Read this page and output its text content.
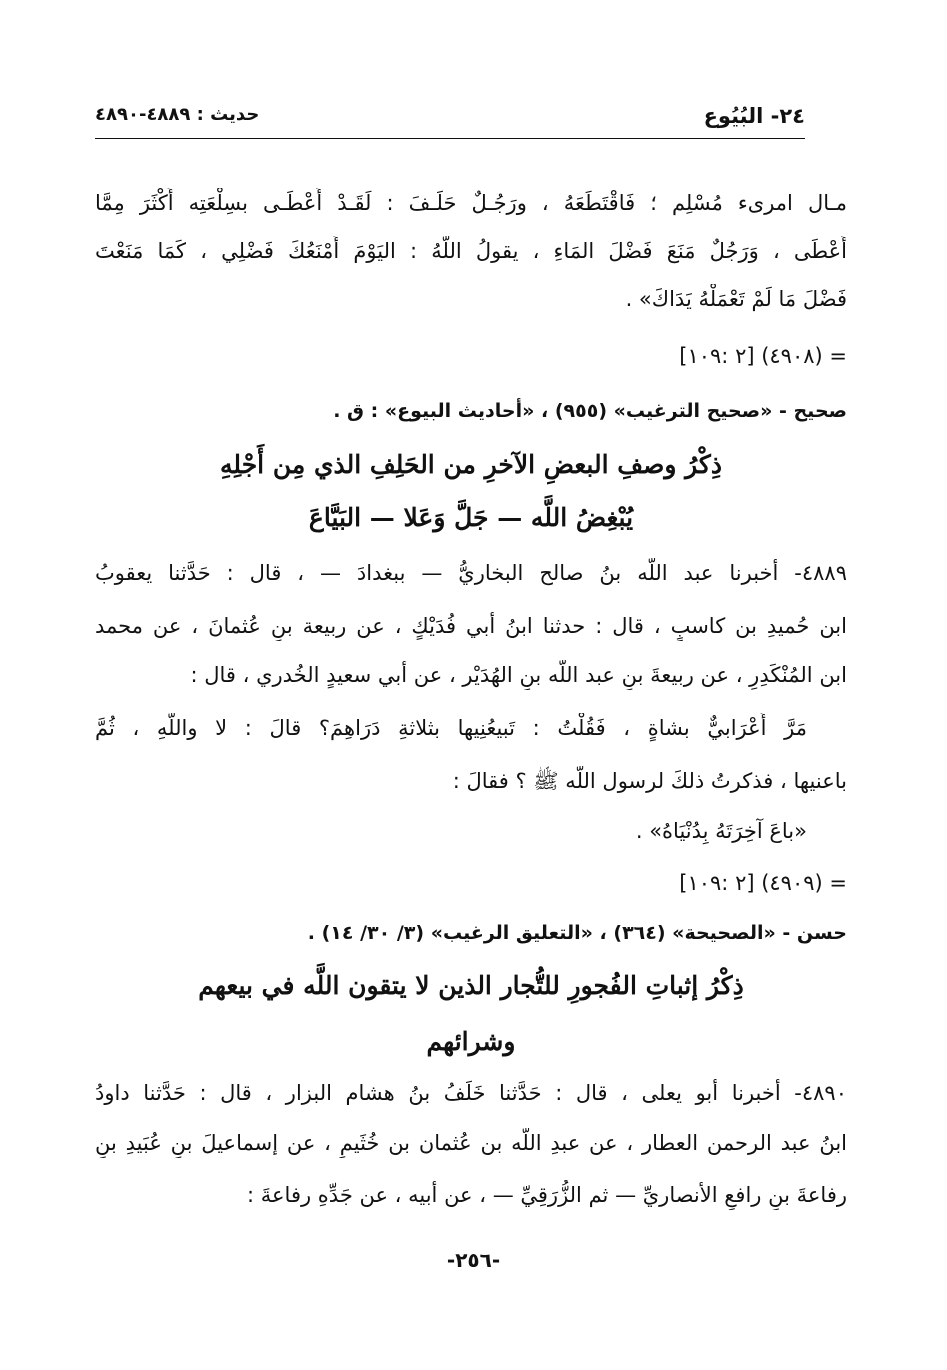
٢٤- البُيُوع
حديث : ٤٨٨٩-٤٨٩٠
مـال امرىء مُسْلِم ؛ فَاقْتَطَعَهُ ، ورَجُـلٌ حَلَـفَ : لَقَـدْ أَعْطَـى بسِلْعَتِه أَكْثَرَ مِمَّا
أَعْطَى ، وَرَجُلٌ مَنَعَ فَضْلَ المَاءِ ، يقولُ اللَّهُ : اليَوْمَ أَمْنَعُكَ فَضْلِي ، كَمَا مَنَعْتَ
فَضْلَ مَا لَمْ تَعْمَلْهُ يَدَاكَ» .
= (٤٩٠٨) [٢ :١٠٩]
صحيح - «صحيح الترغيب» (٩٥٥) ، «أحاديث البيوع» : ق .
ذِكْرُ وصفِ البعضِ الآخرِ من الحَلِفِ الذي مِن أَجْلِهِ
يُبْغِضُ اللَّه — جَلَّ وَعَلا — البَيَّاعَ
٤٨٨٩- أخبرنا عبد اللَّه بنُ صالح البخاريُّ — ببغدادَ — ، قال : حَدَّثنا يعقوبُ
ابن حُميدِ بن كاسبٍ ، قال : حدثنا ابنُ أبي فُدَيْكٍ ، عن ربيعة بنِ عُثمانَ ، عن محمد
ابن المُنْكَدِرِ ، عن ربيعةَ بنِ عبد اللَّه بنِ الهُدَيْر ، عن أبي سعيدٍ الخُدري ، قال :
مَرَّ أَعْرَابيٌّ بشاةٍ ، فَقُلْتُ : تَبيعُنِيها بثلاثةِ دَرَاهِمَ؟ قالَ : لا واللَّهِ ، ثُمَّ
باعنيها ، فذكرتُ ذلكَ لرسول اللَّه ﷺ ؟ فقالَ :
«باعَ آخِرَتَهُ بِدُنْيَاهُ» .
= (٤٩٠٩) [٢ :١٠٩]
حسن - «الصحيحة» (٣٦٤) ، «التعليق الرغيب» (٣/ ٣٠/ ١٤) .
ذِكْرُ إثباتِ الفُجورِ للتُّجار الذين لا يتقون اللَّه في بيعهم
وشرائهم
٤٨٩٠- أخبرنا أبو يعلى ، قال : حَدَّثنا خَلَفُ بنُ هشام البزار ، قال : حَدَّثنا داودُ
ابنُ عبد الرحمن العطار ، عن عبدِ اللَّه بن عُثمان بن خُثَيمٍ ، عن إسماعيلَ بنِ عُبَيدِ بنِ
رفاعةَ بنِ رافعٍ الأنصاريِّ — ثم الزُّرَقِيِّ — ، عن أبيه ، عن جَدِّهِ رفاعةَ :
-٢٥٦-
